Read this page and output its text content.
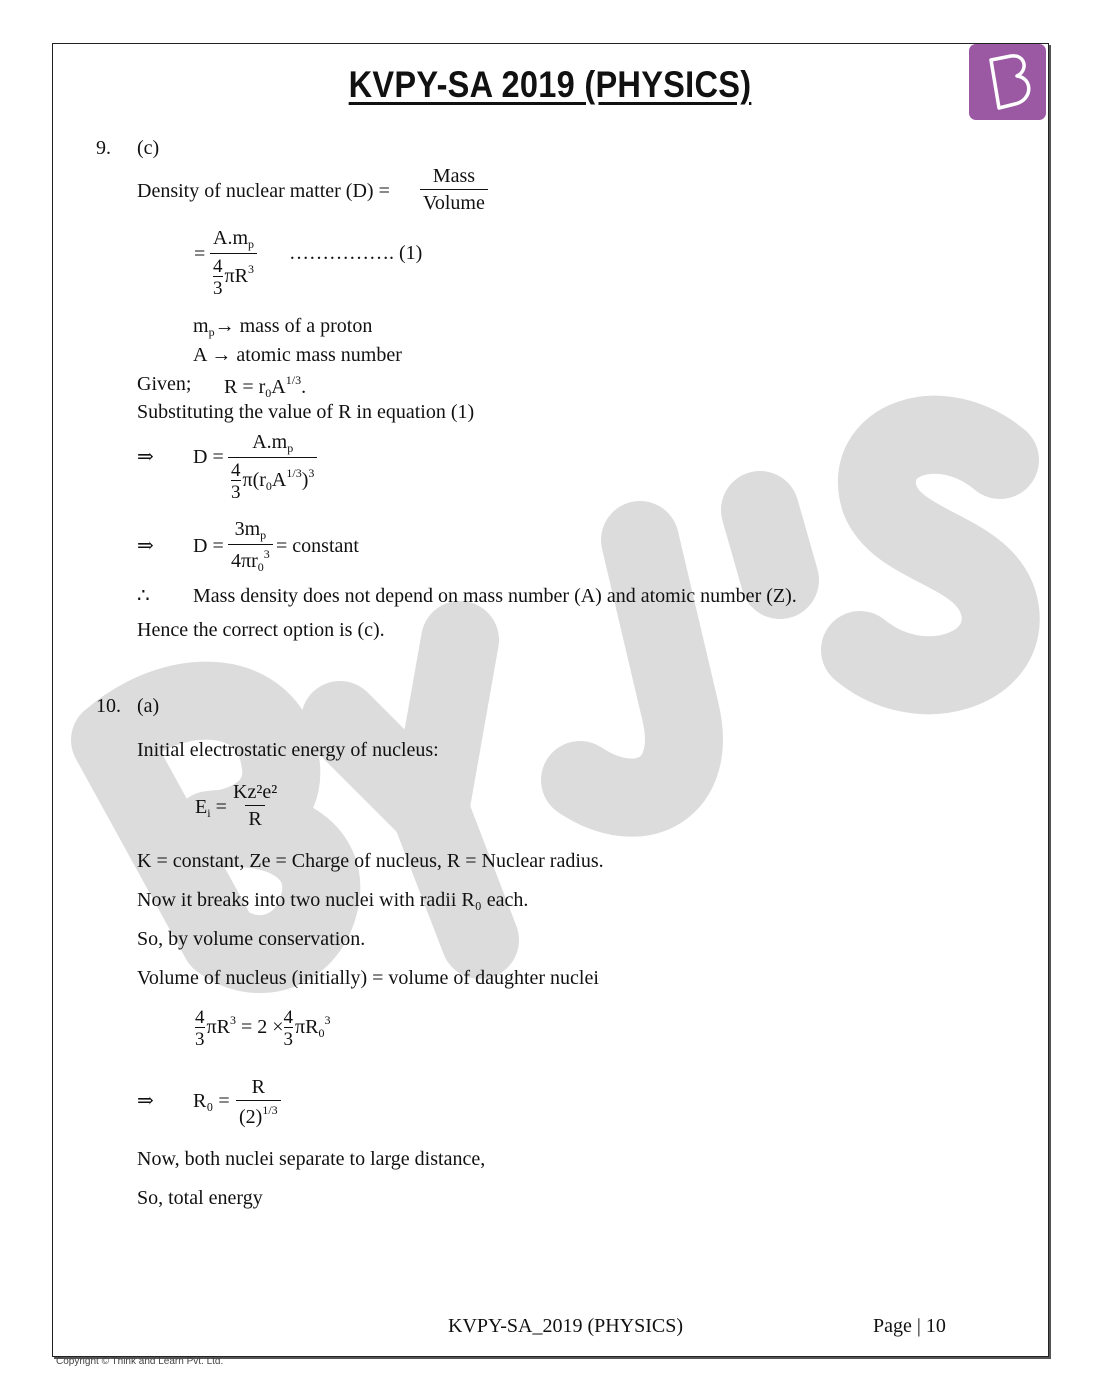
KVPY-SA 2019 (PHYSICS)
9. (c)
Density of nuclear matter (D) =
Mass
Volume
= $\frac{A.m_p}{\frac{4}{3} \pi R^3}$ ……………. (1)
$m_p\to$ mass of a proton
A → atomic mass number
Given; $R = r_0A^{1/3}$.
Substituting the value of R in equation (1)
⇒ $D = \frac{A.m_p}{\frac{4}{3} \pi(r_0A^{1/3})^3}$
⇒ $D = \frac{3m_p}{4\pi r_0^3}$ = constant
∴ Mass density does not depend on mass number (A) and atomic number (Z).
Hence the correct option is (c).
10. (a)
Initial electrostatic energy of nucleus:
$E_i = \frac{\text{Kz²e²}}{R}$
K = constant, Ze = Charge of nucleus, R = Nuclear radius.
Now it breaks into two nuclei with radii R₀ each.
So, by volume conservation.
Volume of nucleus (initially) = volume of daughter nuclei
$\frac{4}{3} \pi R^3 = 2 \times \frac{4}{3} \pi R_0^3$
⇒ $R_0 = \frac{R}{(2)^{1/3}}$
Now, both nuclei separate to large distance,
So, total energy
KVPY-SA_2019 (PHYSICS)	Page | 10
Copyright © Think and Learn Pvt. Ltd.
